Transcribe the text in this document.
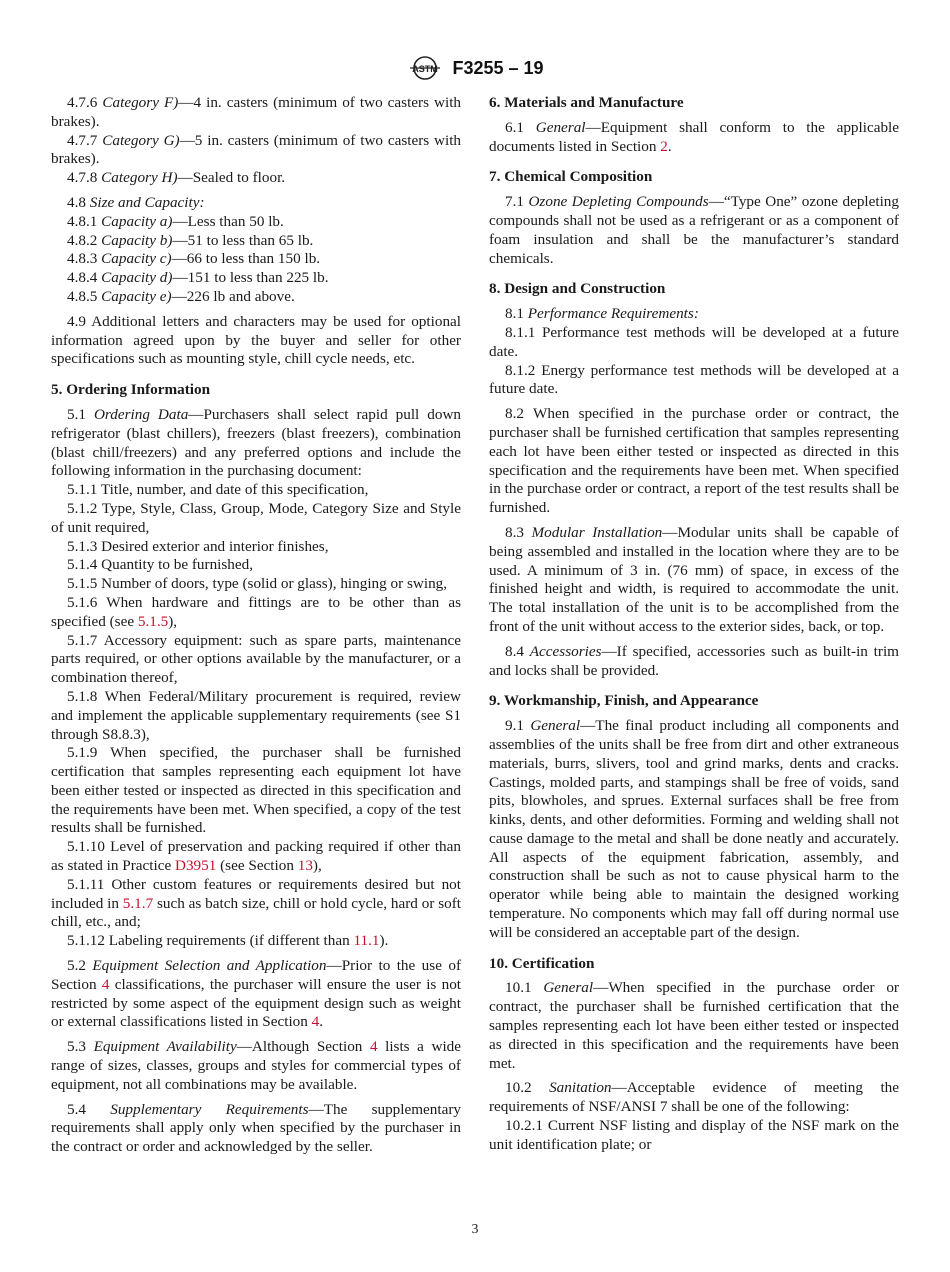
ASTM F3255 – 19

4.7.6 Category F)—4 in. casters (minimum of two casters with brakes).

4.7.7 Category G)—5 in. casters (minimum of two casters with brakes).

4.7.8 Category H)—Sealed to floor.

4.8 Size and Capacity:

4.8.1 Capacity a)—Less than 50 lb.

4.8.2 Capacity b)—51 to less than 65 lb.

4.8.3 Capacity c)—66 to less than 150 lb.

4.8.4 Capacity d)—151 to less than 225 lb.

4.8.5 Capacity e)—226 lb and above.

4.9 Additional letters and characters may be used for optional information agreed upon by the buyer and seller for other specifications such as mounting style, chill cycle needs, etc.

5. Ordering Information

5.1 Ordering Data—Purchasers shall select rapid pull down refrigerator (blast chillers), freezers (blast freezers), combination (blast chill/freezers) and any preferred options and include the following information in the purchasing document:

5.1.1 Title, number, and date of this specification,

5.1.2 Type, Style, Class, Group, Mode, Category Size and Style of unit required,

5.1.3 Desired exterior and interior finishes,

5.1.4 Quantity to be furnished,

5.1.5 Number of doors, type (solid or glass), hinging or swing,

5.1.6 When hardware and fittings are to be other than as specified (see 5.1.5),

5.1.7 Accessory equipment: such as spare parts, maintenance parts required, or other options available by the manufacturer, or a combination thereof,

5.1.8 When Federal/Military procurement is required, review and implement the applicable supplementary requirements (see S1 through S8.8.3),

5.1.9 When specified, the purchaser shall be furnished certification that samples representing each equipment lot have been either tested or inspected as directed in this specification and the requirements have been met. When specified, a copy of the test results shall be furnished.

5.1.10 Level of preservation and packing required if other than as stated in Practice D3951 (see Section 13),

5.1.11 Other custom features or requirements desired but not included in 5.1.7 such as batch size, chill or hold cycle, hard or soft chill, etc., and;

5.1.12 Labeling requirements (if different than 11.1).

5.2 Equipment Selection and Application—Prior to the use of Section 4 classifications, the purchaser will ensure the user is not restricted by some aspect of the equipment design such as weight or external classifications listed in Section 4.

5.3 Equipment Availability—Although Section 4 lists a wide range of sizes, classes, groups and styles for commercial types of equipment, not all combinations may be available.

5.4 Supplementary Requirements—The supplementary requirements shall apply only when specified by the purchaser in the contract or order and acknowledged by the seller.

6. Materials and Manufacture

6.1 General—Equipment shall conform to the applicable documents listed in Section 2.

7. Chemical Composition

7.1 Ozone Depleting Compounds—“Type One” ozone depleting compounds shall not be used as a refrigerant or as a component of foam insulation and shall be the manufacturer’s standard chemicals.

8. Design and Construction

8.1 Performance Requirements:

8.1.1 Performance test methods will be developed at a future date.

8.1.2 Energy performance test methods will be developed at a future date.

8.2 When specified in the purchase order or contract, the purchaser shall be furnished certification that samples representing each lot have been either tested or inspected as directed in this specification and the requirements have been met. When specified in the purchase order or contract, a report of the test results shall be furnished.

8.3 Modular Installation—Modular units shall be capable of being assembled and installed in the location where they are to be used. A minimum of 3 in. (76 mm) of space, in excess of the finished height and width, is required to accommodate the unit. The total installation of the unit is to be accomplished from the front of the unit without access to the exterior sides, back, or top.

8.4 Accessories—If specified, accessories such as built-in trim and locks shall be provided.

9. Workmanship, Finish, and Appearance

9.1 General—The final product including all components and assemblies of the units shall be free from dirt and other extraneous materials, burrs, slivers, tool and grind marks, dents and cracks. Castings, molded parts, and stampings shall be free of voids, sand pits, blowholes, and sprues. External surfaces shall be free from kinks, dents, and other deformities. Forming and welding shall not cause damage to the metal and shall be done neatly and accurately. All aspects of the equipment fabrication, assembly, and construction shall be such as not to cause physical harm to the operator while being able to maintain the designed working temperature. No components which may fall off during normal use will be considered an acceptable part of the design.

10. Certification

10.1 General—When specified in the purchase order or contract, the purchaser shall be furnished certification that the samples representing each lot have been either tested or inspected as directed in this specification and the requirements have been met.

10.2 Sanitation—Acceptable evidence of meeting the requirements of NSF/ANSI 7 shall be one of the following:

10.2.1 Current NSF listing and display of the NSF mark on the unit identification plate; or

3
